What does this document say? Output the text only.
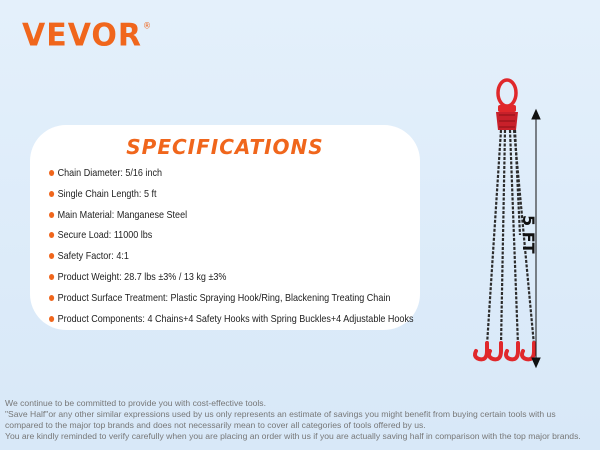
VEVOR®
SPECIFICATIONS
Chain Diameter: 5/16 inch
Single Chain Length: 5 ft
Main Material: Manganese Steel
Secure Load: 11000 lbs
Safety Factor: 4:1
Product Weight: 28.7 lbs ±3% / 13 kg ±3%
Product Surface Treatment: Plastic Spraying Hook/Ring, Blackening Treating Chain
Product Components: 4 Chains+4 Safety Hooks with Spring Buckles+4 Adjustable Hooks
5 FT
We continue to be committed to provide you with cost-effective tools.
"Save Half"or any other similar expressions used by us only represents an estimate of savings you might benefit from buying certain tools with us
compared to the major top brands and does not necessarily mean to cover all categories of tools offered by us.
You are kindly reminded to verify carefully when you are placing an order with us if you are actually saving half in comparison with the top major brands.
